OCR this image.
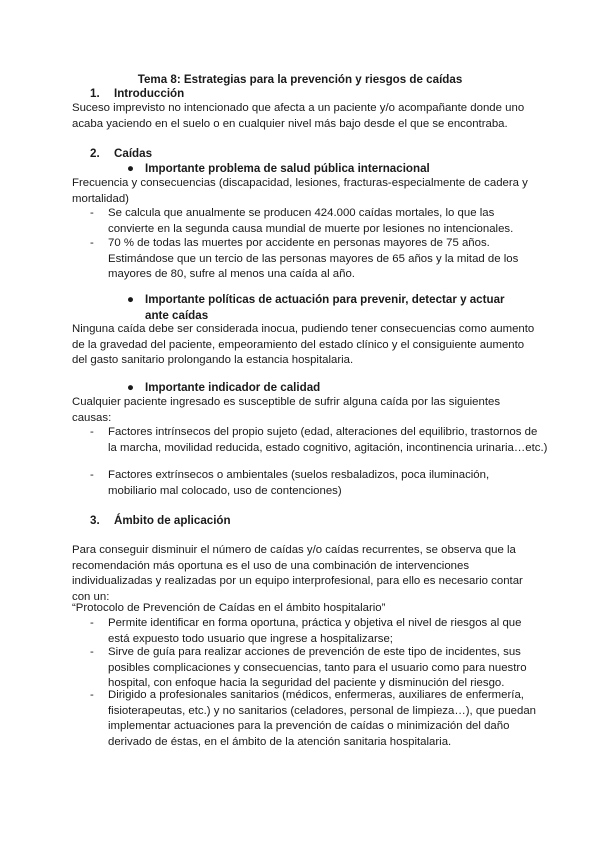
Tema 8: Estrategias para la prevención y riesgos de caídas
1. Introducción
Suceso imprevisto no intencionado que afecta a un paciente y/o acompañante donde uno acaba yaciendo en el suelo o en cualquier nivel más bajo desde el que se encontraba.
2. Caídas
● Importante problema de salud pública internacional
Frecuencia y consecuencias (discapacidad, lesiones, fracturas-especialmente de cadera y mortalidad)
- Se calcula que anualmente se producen 424.000 caídas mortales, lo que las convierte en la segunda causa mundial de muerte por lesiones no intencionales.
- 70 % de todas las muertes por accidente en personas mayores de 75 años. Estimándose que un tercio de las personas mayores de 65 años y la mitad de los mayores de 80, sufre al menos una caída al año.
● Importante políticas de actuación para prevenir, detectar y actuar ante caídas
Ninguna caída debe ser considerada inocua, pudiendo tener consecuencias como aumento de la gravedad del paciente, empeoramiento del estado clínico y el consiguiente aumento del gasto sanitario prolongando la estancia hospitalaria.
● Importante indicador de calidad
Cualquier paciente ingresado es susceptible de sufrir alguna caída por las siguientes causas:
- Factores intrínsecos del propio sujeto (edad, alteraciones del equilibrio, trastornos de la marcha, movilidad reducida, estado cognitivo, agitación, incontinencia urinaria…etc.)
- Factores extrínsecos o ambientales (suelos resbaladizos, poca iluminación, mobiliario mal colocado, uso de contenciones)
3. Ámbito de aplicación
Para conseguir disminuir el número de caídas y/o caídas recurrentes, se observa que la recomendación más oportuna es el uso de una combinación de intervenciones individualizadas y realizadas por un equipo interprofesional, para ello es necesario contar con un:
“Protocolo de Prevención de Caídas en el ámbito hospitalario”
- Permite identificar en forma oportuna, práctica y objetiva el nivel de riesgos al que está expuesto todo usuario que ingrese a hospitalizarse;
- Sirve de guía para realizar acciones de prevención de este tipo de incidentes, sus posibles complicaciones y consecuencias, tanto para el usuario como para nuestro hospital, con enfoque hacia la seguridad del paciente y disminución del riesgo.
- Dirigido a profesionales sanitarios (médicos, enfermeras, auxiliares de enfermería, fisioterapeutas, etc.) y no sanitarios (celadores, personal de limpieza…), que puedan implementar actuaciones para la prevención de caídas o minimización del daño derivado de éstas, en el ámbito de la atención sanitaria hospitalaria.
